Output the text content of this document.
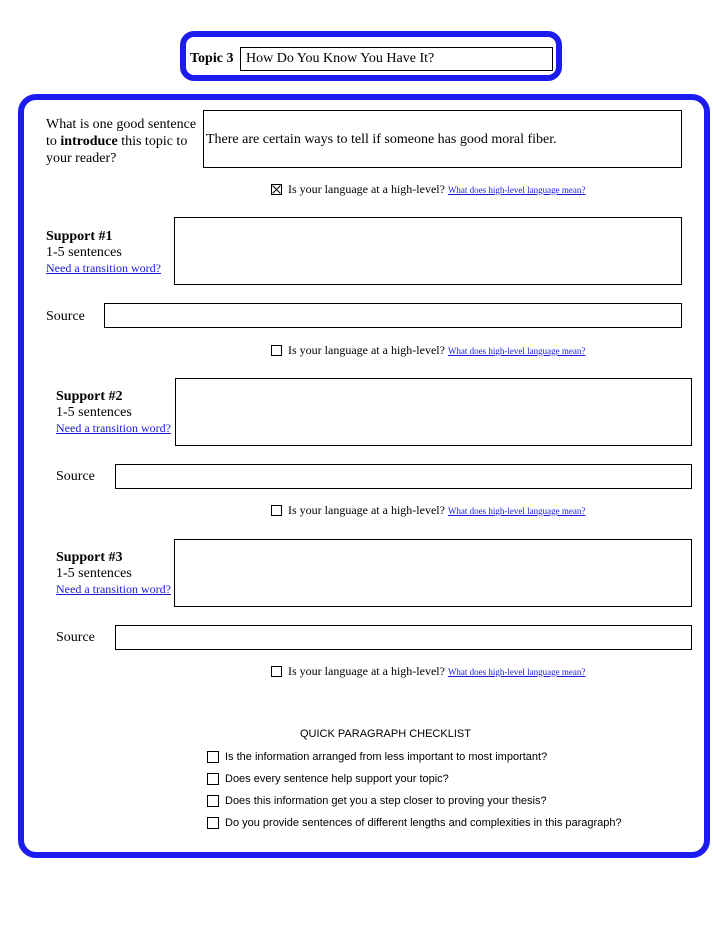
Topic 3 How Do You Know You Have It?
What is one good sentence
to introduce this topic to
your reader?
There are certain ways to tell if someone has good moral fiber.
Is your language at a high-level? What does high-level language mean?
Support #1
1-5 sentences
Need a transition word?
Source
Is your language at a high-level? What does high-level language mean?
Support #2
1-5 sentences
Need a transition word?
Source
Is your language at a high-level? What does high-level language mean?
Support #3
1-5 sentences
Need a transition word?
Source
Is your language at a high-level? What does high-level language mean?
QUICK PARAGRAPH CHECKLIST
Is the information arranged from less important to most important?
Does every sentence help support your topic?
Does this information get you a step closer to proving your thesis?
Do you provide sentences of different lengths and complexities in this paragraph?
